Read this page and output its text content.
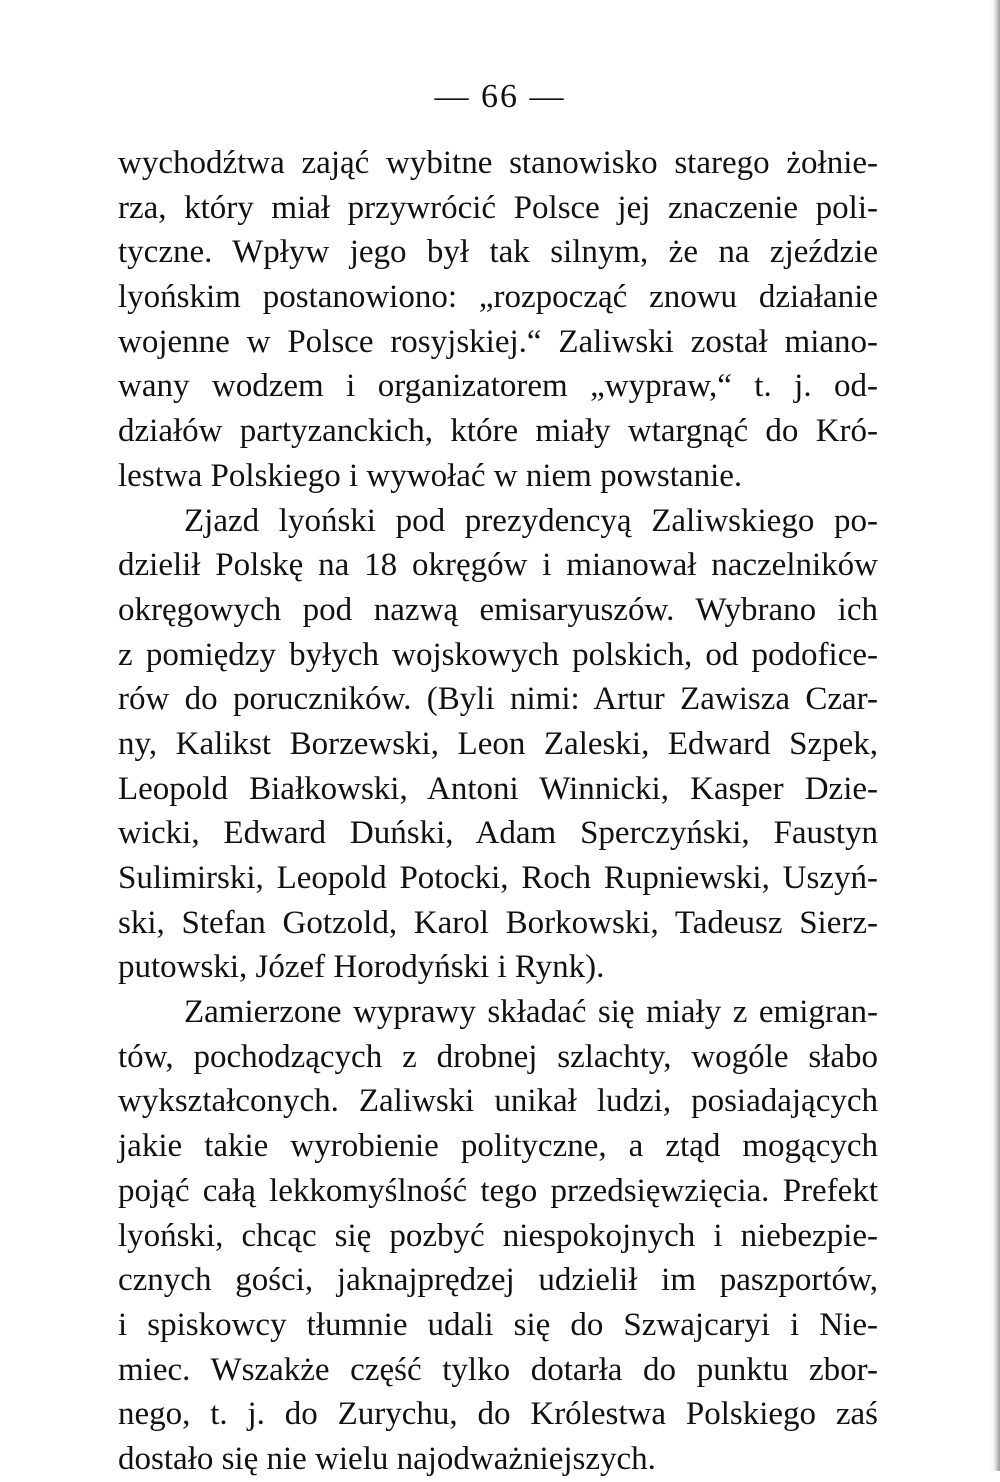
— 66 —
wychodźtwa zająć wybitne stanowisko starego żołnie-
rza, który miał przywrócić Polsce jej znaczenie poli-
tyczne. Wpływ jego był tak silnym, że na zjeździe
lyońskim postanowiono: „rozpocząć znowu działanie
wojenne w Polsce rosyjskiej.“ Zaliwski został miano-
wany wodzem i organizatorem „wypraw,“ t. j. od-
działów partyzanckich, które miały wtargnąć do Kró-
lestwa Polskiego i wywołać w niem powstanie.
Zjazd lyoński pod prezydencyą Zaliwskiego po-
dzielił Polskę na 18 okręgów i mianował naczelników
okręgowych pod nazwą emisaryuszów. Wybrano ich
z pomiędzy byłych wojskowych polskich, od podofice-
rów do poruczników. (Byli nimi: Artur Zawisza Czar-
ny, Kalikst Borzewski, Leon Zaleski, Edward Szpek,
Leopold Białkowski, Antoni Winnicki, Kasper Dzie-
wicki, Edward Duński, Adam Sperczyński, Faustyn
Sulimirski, Leopold Potocki, Roch Rupniewski, Uszyń-
ski, Stefan Gotzold, Karol Borkowski, Tadeusz Sierz-
putowski, Józef Horodyński i Rynk).
Zamierzone wyprawy składać się miały z emigran-
tów, pochodzących z drobnej szlachty, wogóle słabo
wykształconych. Zaliwski unikał ludzi, posiadających
jakie takie wyrobienie polityczne, a ztąd mogących
pojąć całą lekkomyślność tego przedsięwzięcia. Prefekt
lyoński, chcąc się pozbyć niespokojnych i niebezpie-
cznych gości, jaknajprędzej udzielił im paszportów,
i spiskowcy tłumnie udali się do Szwajcaryi i Nie-
miec. Wszakże część tylko dotarła do punktu zbor-
nego, t. j. do Zurychu, do Królestwa Polskiego zaś
dostało się nie wielu najodważniejszych.
